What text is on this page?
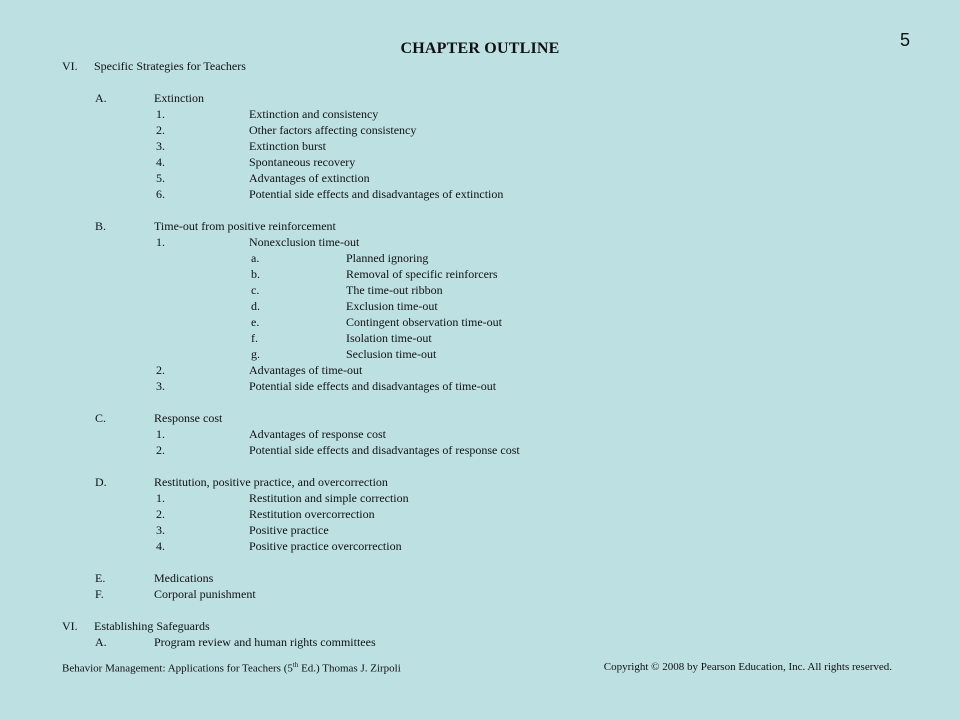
5
CHAPTER OUTLINE
VI. Specific Strategies for Teachers
A.	Extinction
1.	Extinction and consistency
2.	Other factors affecting consistency
3.	Extinction burst
4.	Spontaneous recovery
5.	Advantages of extinction
6.	Potential side effects and disadvantages of extinction
B.	Time-out from positive reinforcement
1.	Nonexclusion time-out
a.	Planned ignoring
b.	Removal of specific reinforcers
c.	The time-out ribbon
d.	Exclusion time-out
e.	Contingent observation time-out
f.	Isolation time-out
g.	Seclusion time-out
2.	Advantages of time-out
3.	Potential side effects and disadvantages of time-out
C.	Response cost
1.	Advantages of response cost
2.	Potential side effects and disadvantages of response cost
D.	Restitution, positive practice, and overcorrection
1.	Restitution and simple correction
2.	Restitution overcorrection
3.	Positive practice
4.	Positive practice overcorrection
E.	Medications
F.	Corporal punishment
VI. Establishing Safeguards
A.	Program review and human rights committees
Behavior Management: Applications for Teachers (5th Ed.) Thomas J. Zirpoli	Copyright © 2008 by Pearson Education, Inc. All rights reserved.
